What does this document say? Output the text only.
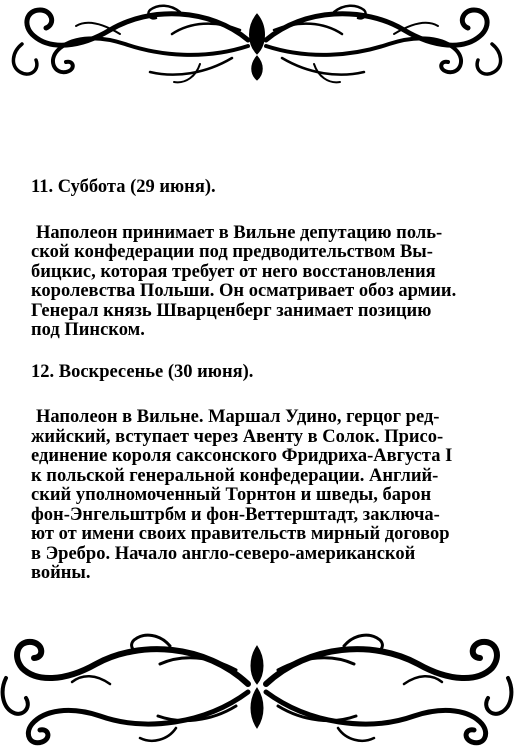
11. Суббота (29 июня).
Наполеон принимает в Вильне депутацию поль-
ской конфедерации под предводительством Вы-
бицкис, которая требует от него восстановления
королевства Польши. Он осматривает обоз армии.
Генерал князь Шварценберг занимает позицию
под Пинском.
12. Воскресенье (30 июня).
Наполеон в Вильне. Маршал Удино, герцог ред-
жийский, вступает через Авенту в Солок. Присо-
единение короля саксонского Фридриха-Августа I
к польской генеральной конфедерации. Англий-
ский уполномоченный Торнтон и шведы, барон
фон-Энгельштрбм и фон-Веттерштадт, заключа-
ют от имени своих правительств мирный договор
в Эребро. Начало англо-северо-американской
войны.
